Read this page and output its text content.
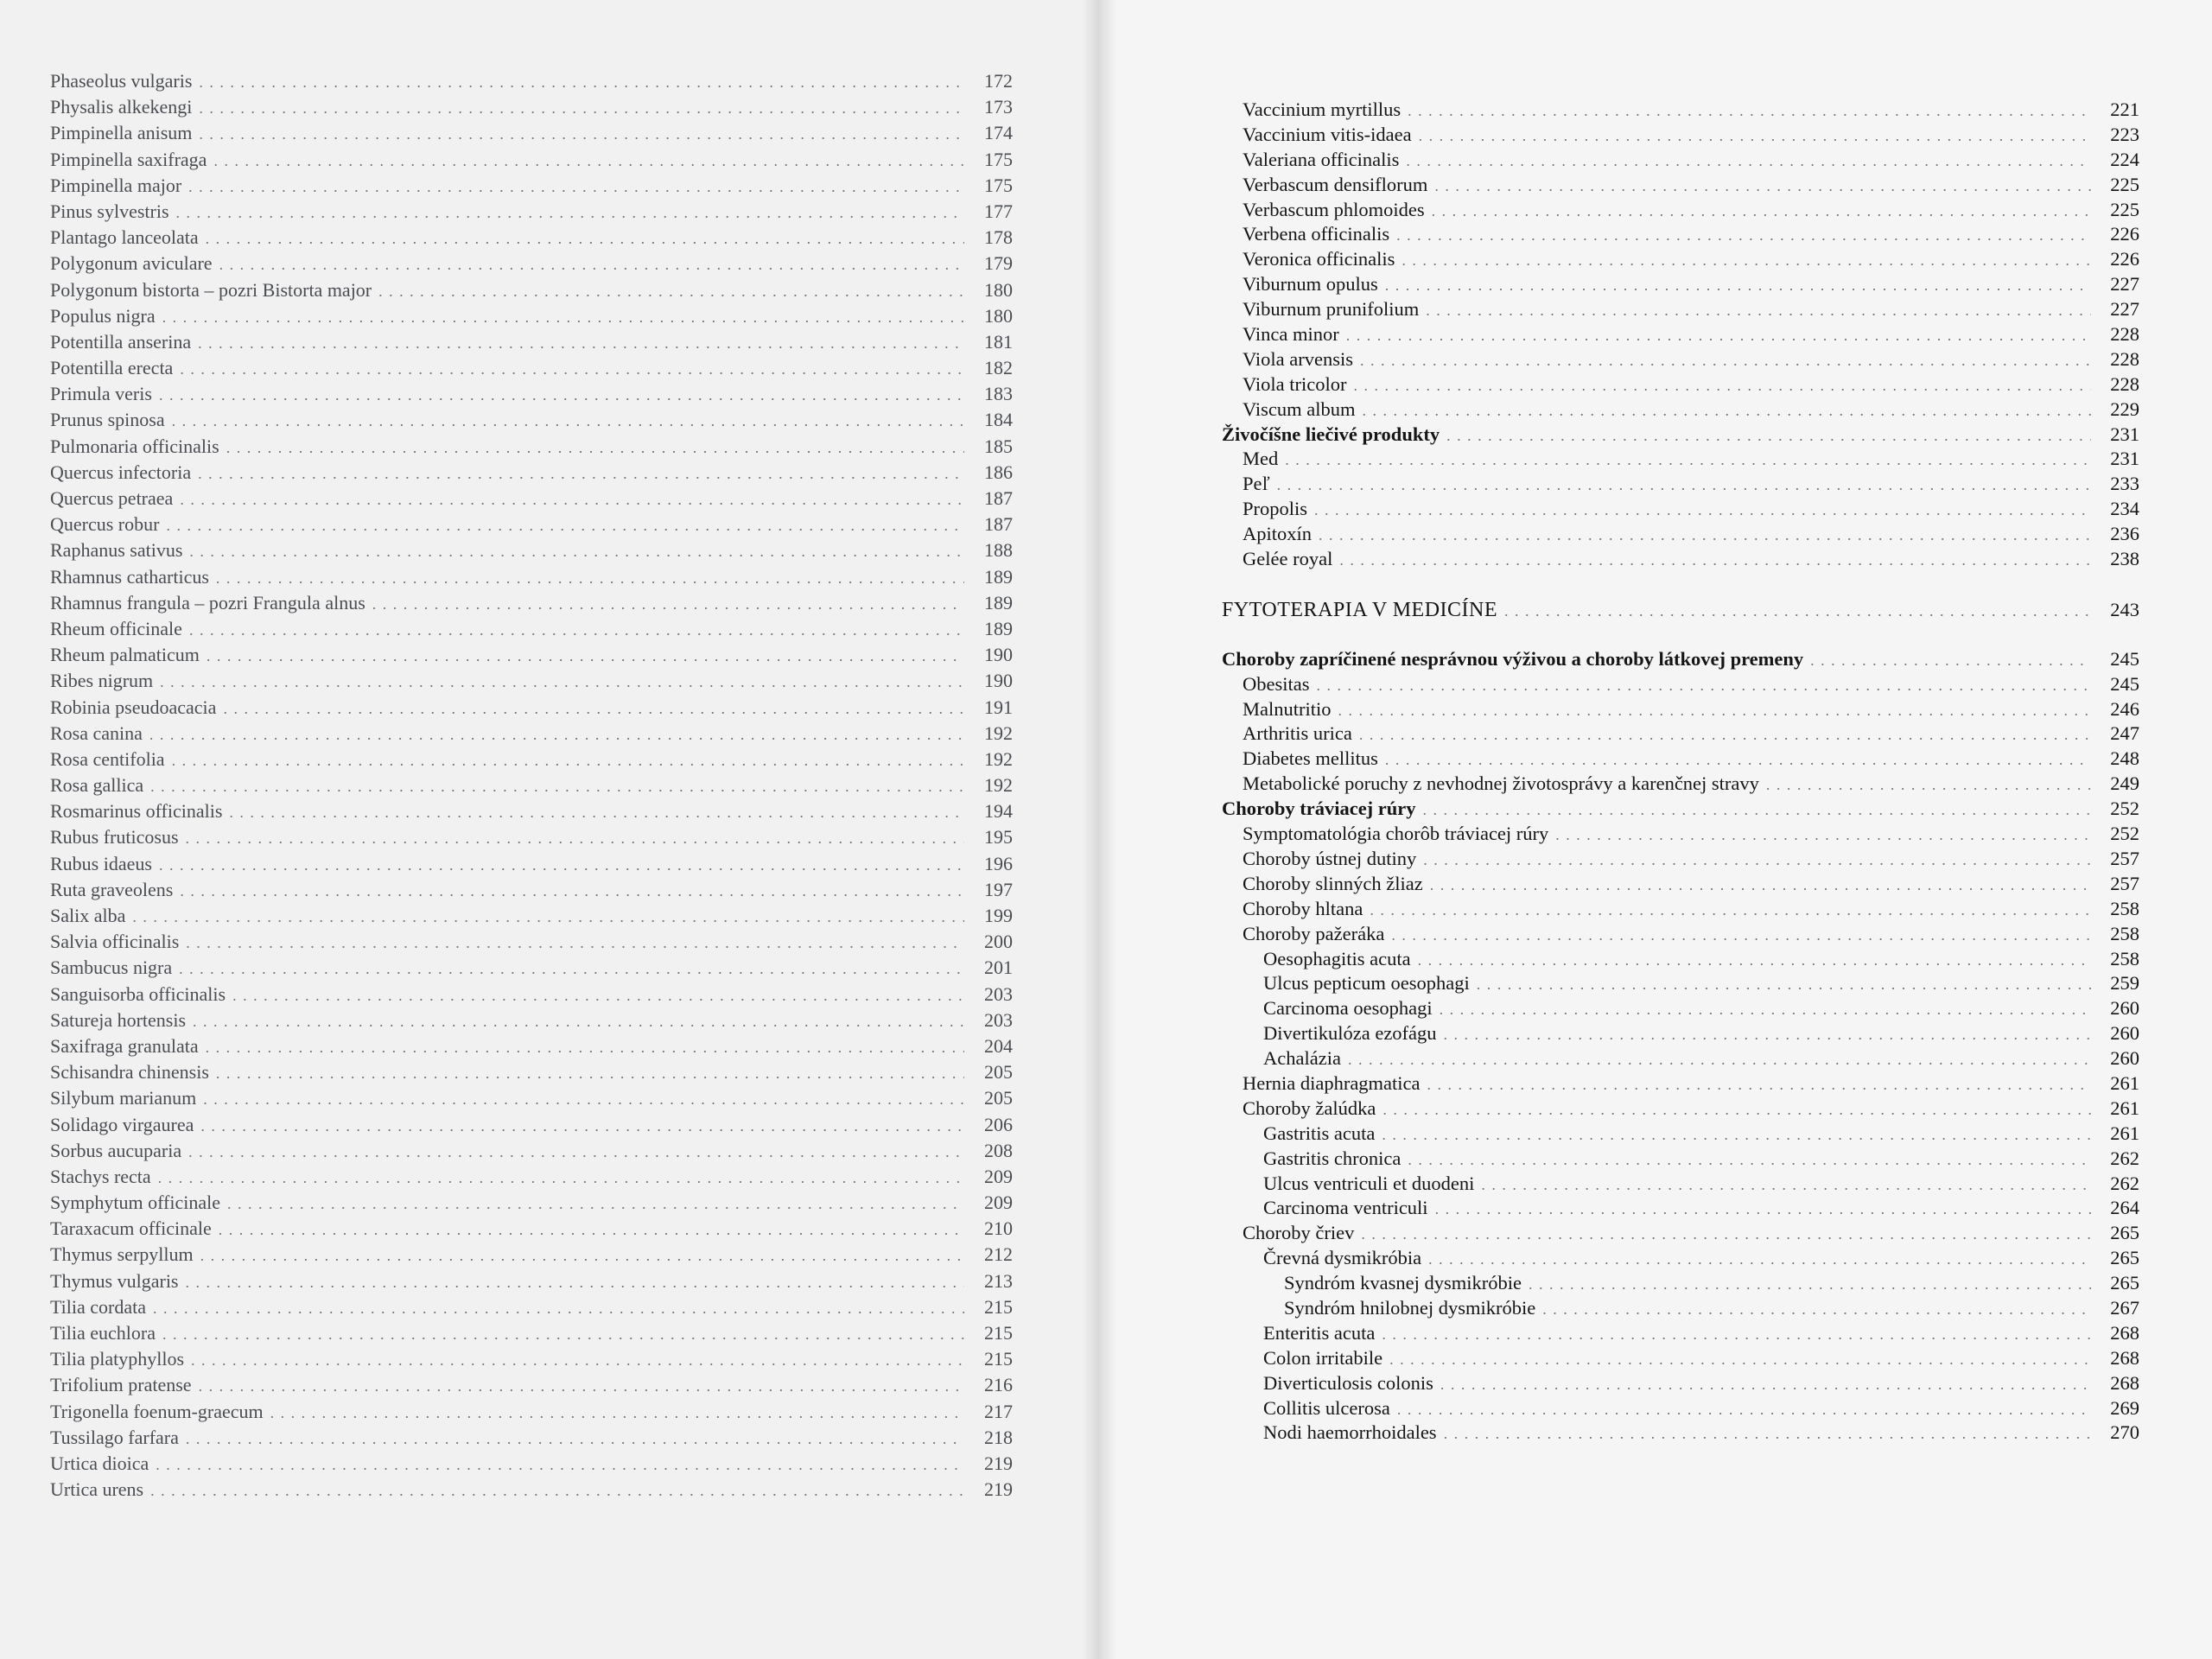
Phaseolus vulgaris . . .	172
Physalis alkekengi . . .	173
Pimpinella anisum . . .	174
Pimpinella saxifraga . . .	175
Pimpinella major . . .	175
Pinus sylvestris . . .	177
Plantago lanceolata . . .	178
Polygonum aviculare . . .	179
Polygonum bistorta – pozri Bistorta major . . .	180
Populus nigra . . .	180
Potentilla anserina . . .	181
Potentilla erecta . . .	182
Primula veris . . .	183
Prunus spinosa . . .	184
Pulmonaria officinalis . . .	185
Quercus infectoria . . .	186
Quercus petraea . . .	187
Quercus robur . . .	187
Raphanus sativus . . .	188
Rhamnus catharticus . . .	189
Rhamnus frangula – pozri Frangula alnus . . .	189
Rheum officinale . . .	189
Rheum palmaticum . . .	190
Ribes nigrum . . .	190
Robinia pseudoacacia . . .	191
Rosa canina . . .	192
Rosa centifolia . . .	192
Rosa gallica . . .	192
Rosmarinus officinalis . . .	194
Rubus fruticosus . . .	195
Rubus idaeus . . .	196
Ruta graveolens . . .	197
Salix alba . . .	199
Salvia officinalis . . .	200
Sambucus nigra . . .	201
Sanguisorba officinalis . . .	203
Satureja hortensis . . .	203
Saxifraga granulata . . .	204
Schisandra chinensis . . .	205
Silybum marianum . . .	205
Solidago virgaurea . . .	206
Sorbus aucuparia . . .	208
Stachys recta . . .	209
Symphytum officinale . . .	209
Taraxacum officinale . . .	210
Thymus serpyllum . . .	212
Thymus vulgaris . . .	213
Tilia cordata . . .	215
Tilia euchlora . . .	215
Tilia platyphyllos . . .	215
Trifolium pratense . . .	216
Trigonella foenum-graecum . . .	217
Tussilago farfara . . .	218
Urtica dioica . . .	219
Urtica urens . . .	219
Vaccinium myrtillus . . .	221
Vaccinium vitis-idaea . . .	223
Valeriana officinalis . . .	224
Verbascum densiflorum . . .	225
Verbascum phlomoides . . .	225
Verbena officinalis . . .	226
Veronica officinalis . . .	226
Viburnum opulus . . .	227
Viburnum prunifolium . . .	227
Vinca minor . . .	228
Viola arvensis . . .	228
Viola tricolor . . .	228
Viscum album . . .	229
Živočíšne liečivé produkty . . .	231
Med . . .	231
Peľ . . .	233
Propolis . . .	234
Apitoxín . . .	236
Gelée royal . . .	238
FYTOTERAPIA V MEDICÍNE . . .	243
Choroby zapríčinené nesprávnou výživou a choroby látkovej premeny . . .	245
Obesitas . . .	245
Malnutritio . . .	246
Arthritis urica . . .	247
Diabetes mellitus . . .	248
Metabolické poruchy z nevhodnej životosprávy a karenčnej stravy . . .	249
Choroby tráviacej rúry . . .	252
Symptomatológia chorôb tráviacej rúry . . .	252
Choroby ústnej dutiny . . .	257
Choroby slinných žliaz . . .	257
Choroby hltana . . .	258
Choroby pažeráka . . .	258
Oesophagitis acuta . . .	258
Ulcus pepticum oesophagi . . .	259
Carcinoma oesophagi . . .	260
Divertikulóza ezofágu . . .	260
Achalázia . . .	260
Hernia diaphragmatica . . .	261
Choroby žalúdka . . .	261
Gastritis acuta . . .	261
Gastritis chronica . . .	262
Ulcus ventriculi et duodeni . . .	262
Carcinoma ventriculi . . .	264
Choroby čriev . . .	265
Črevná dysmikróbia . . .	265
Syndróm kvasnej dysmikróbie . . .	265
Syndróm hnilobnej dysmikróbie . . .	267
Enteritis acuta . . .	268
Colon irritabile . . .	268
Diverticulosis colonis . . .	268
Collitis ulcerosa . . .	269
Nodi haemorrhoidales . . .	270
